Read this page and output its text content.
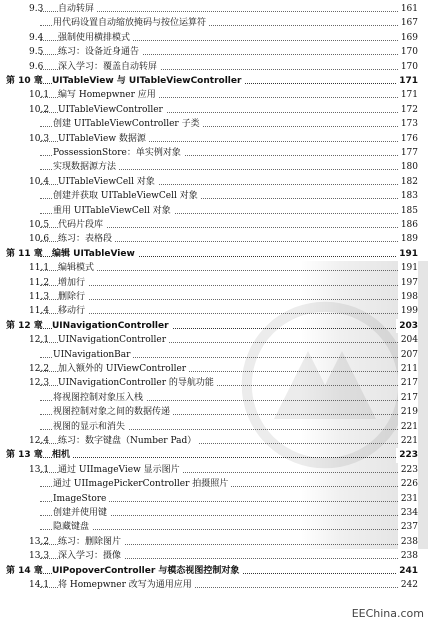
9.3 自动转屏	161
用代码设置自动缩放掩码与按位运算符	167
9.4 强制使用横排模式	169
9.5 练习：设备近身通告	170
9.6 深入学习：覆盖自动转屏	170
第 10 章 UITableView 与 UITableViewController	171
10.1 编写 Homepwner 应用	171
10.2 UITableViewController	172
创建 UITableViewController 子类	173
10.3 UITableView 数据源	176
PossessionStore：单实例对象	177
实现数据源方法	180
10.4 UITableViewCell 对象	182
创建并获取 UITableViewCell 对象	183
重用 UITableViewCell 对象	185
10.5 代码片段库	186
10.6 练习：表格段	189
第 11 章 编辑 UITableView	191
11.1 编辑模式	191
11.2 增加行	197
11.3 删除行	198
11.4 移动行	199
第 12 章 UINavigationController	203
12.1 UINavigationController	204
UINavigationBar	207
12.2 加入额外的 UIViewController	211
12.3 UINavigationController 的导航功能	217
将视图控制对象压入栈	217
视图控制对象之间的数据传递	219
视图的显示和消失	221
12.4 练习：数字键盘（Number Pad）	221
第 13 章 相机	223
13.1 通过 UIImageView 显示图片	223
通过 UIImagePickerController 拍摄照片	226
ImageStore	231
创建并使用键	234
隐藏键盘	237
13.2 练习：删除图片	238
13.3 深入学习：摄像	238
第 14 章 UIPopoverController 与模态视图控制对象	241
14.1 将 Homepwner 改写为通用应用	242
EEChina.com
